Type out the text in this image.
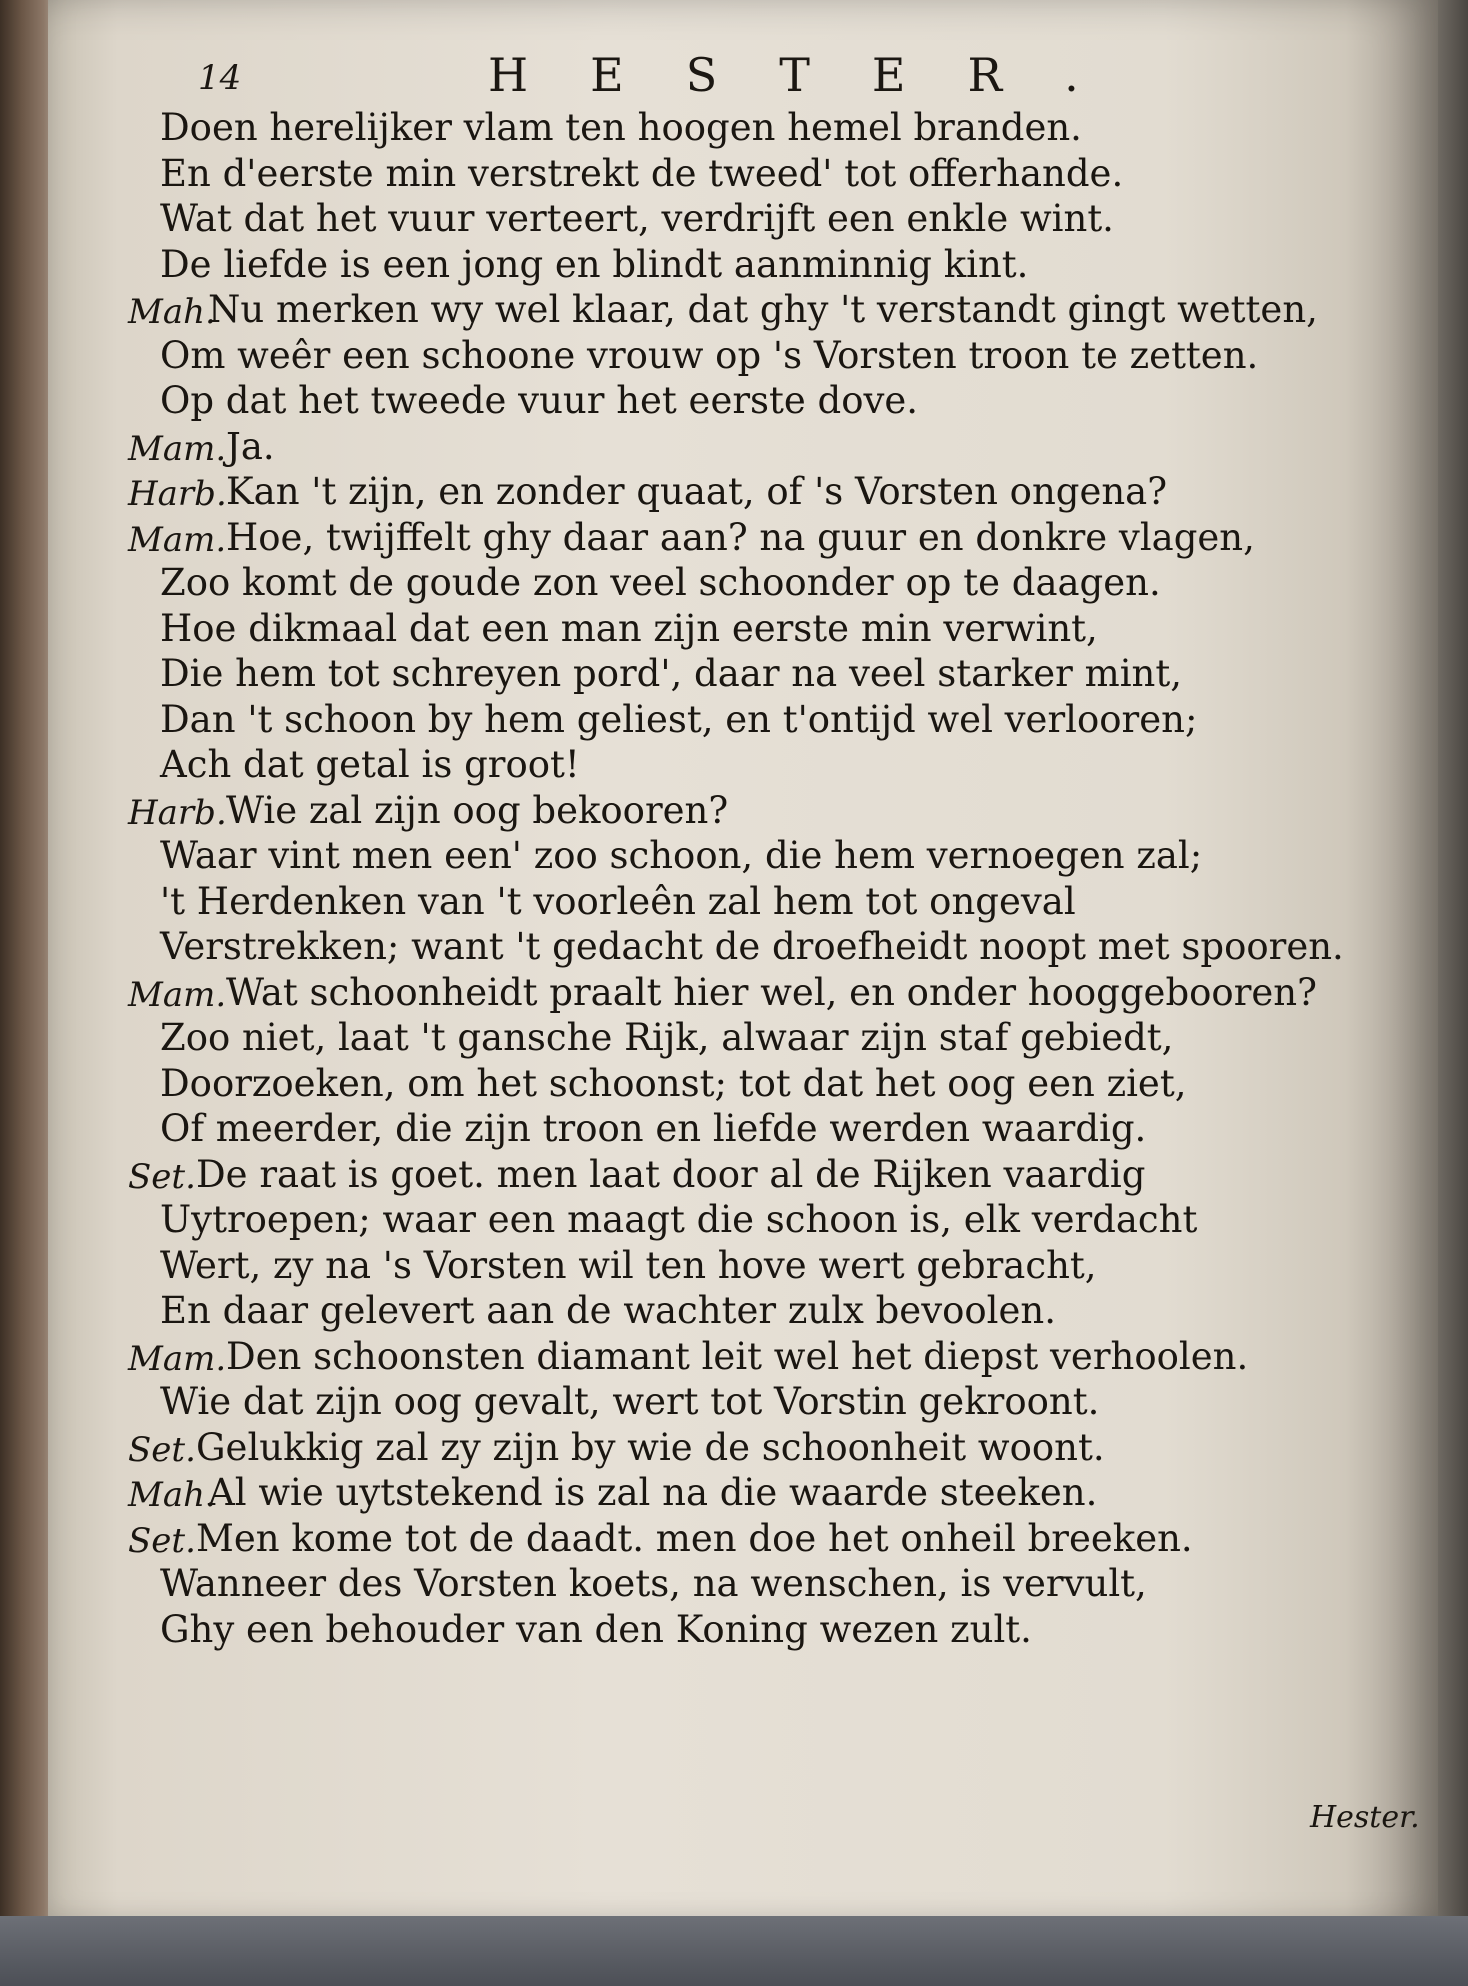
14	HESTER.
Doen herelijker vlam ten hoogen hemel branden.
En d'eerste min verstrekt de tweed' tot offerhande.
Wat dat het vuur verteert, verdrijft een enkle wint.
De liefde is een jong en blindt aanminnig kint.
Mah.
Nu merken wy wel klaar, dat ghy 't verstandt gingt wetten,
Om weêr een schoone vrouw op 's Vorsten troon te zetten.
Op dat het tweede vuur het eerste dove.
Mam. Ja.
Harb. Kan 't zijn, en zonder quaat, of 's Vorsten ongena?
Mam. Hoe, twijffelt ghy daar aan? na guur en donkre vlagen,
Zoo komt de goude zon veel schoonder op te daagen.
Hoe dikmaal dat een man zijn eerste min verwint,
Die hem tot schreyen pord', daar na veel starker mint,
Dan 't schoon by hem geliest, en t'ontijd wel verlooren;
Ach dat getal is groot!
Harb. Wie zal zijn oog bekooren?
Waar vint men een' zoo schoon, die hem vernoegen zal;
't Herdenken van 't voorleên zal hem tot ongeval
Verstrekken; want 't gedacht de droefheidt noopt met spooren.
Mam. Wat schoonheidt praalt hier wel, en onder hooggebooren?
Zoo niet, laat 't gansche Rijk, alwaar zijn staf gebiedt,
Doorzoeken, om het schoonst; tot dat het oog een ziet,
Of meerder, die zijn troon en liefde werden waardig.
Set. De raat is goet. men laat door al de Rijken vaardig
Uytroepen; waar een maagt die schoon is, elk verdacht
Wert, zy na 's Vorsten wil ten hove wert gebracht,
En daar gelevert aan de wachter zulx bevoolen.
Mam. Den schoonsten diamant leit wel het diepst verhoolen.
Wie dat zijn oog gevalt, wert tot Vorstin gekroont.
Set. Gelukkig zal zy zijn by wie de schoonheit woont.
Mah.
Al wie uytstekend is zal na die waarde steeken.
Set. Men kome tot de daadt. men doe het onheil breeken.
Wanneer des Vorsten koets, na wenschen, is vervult,
Ghy een behouder van den Koning wezen zult.
Hester.
